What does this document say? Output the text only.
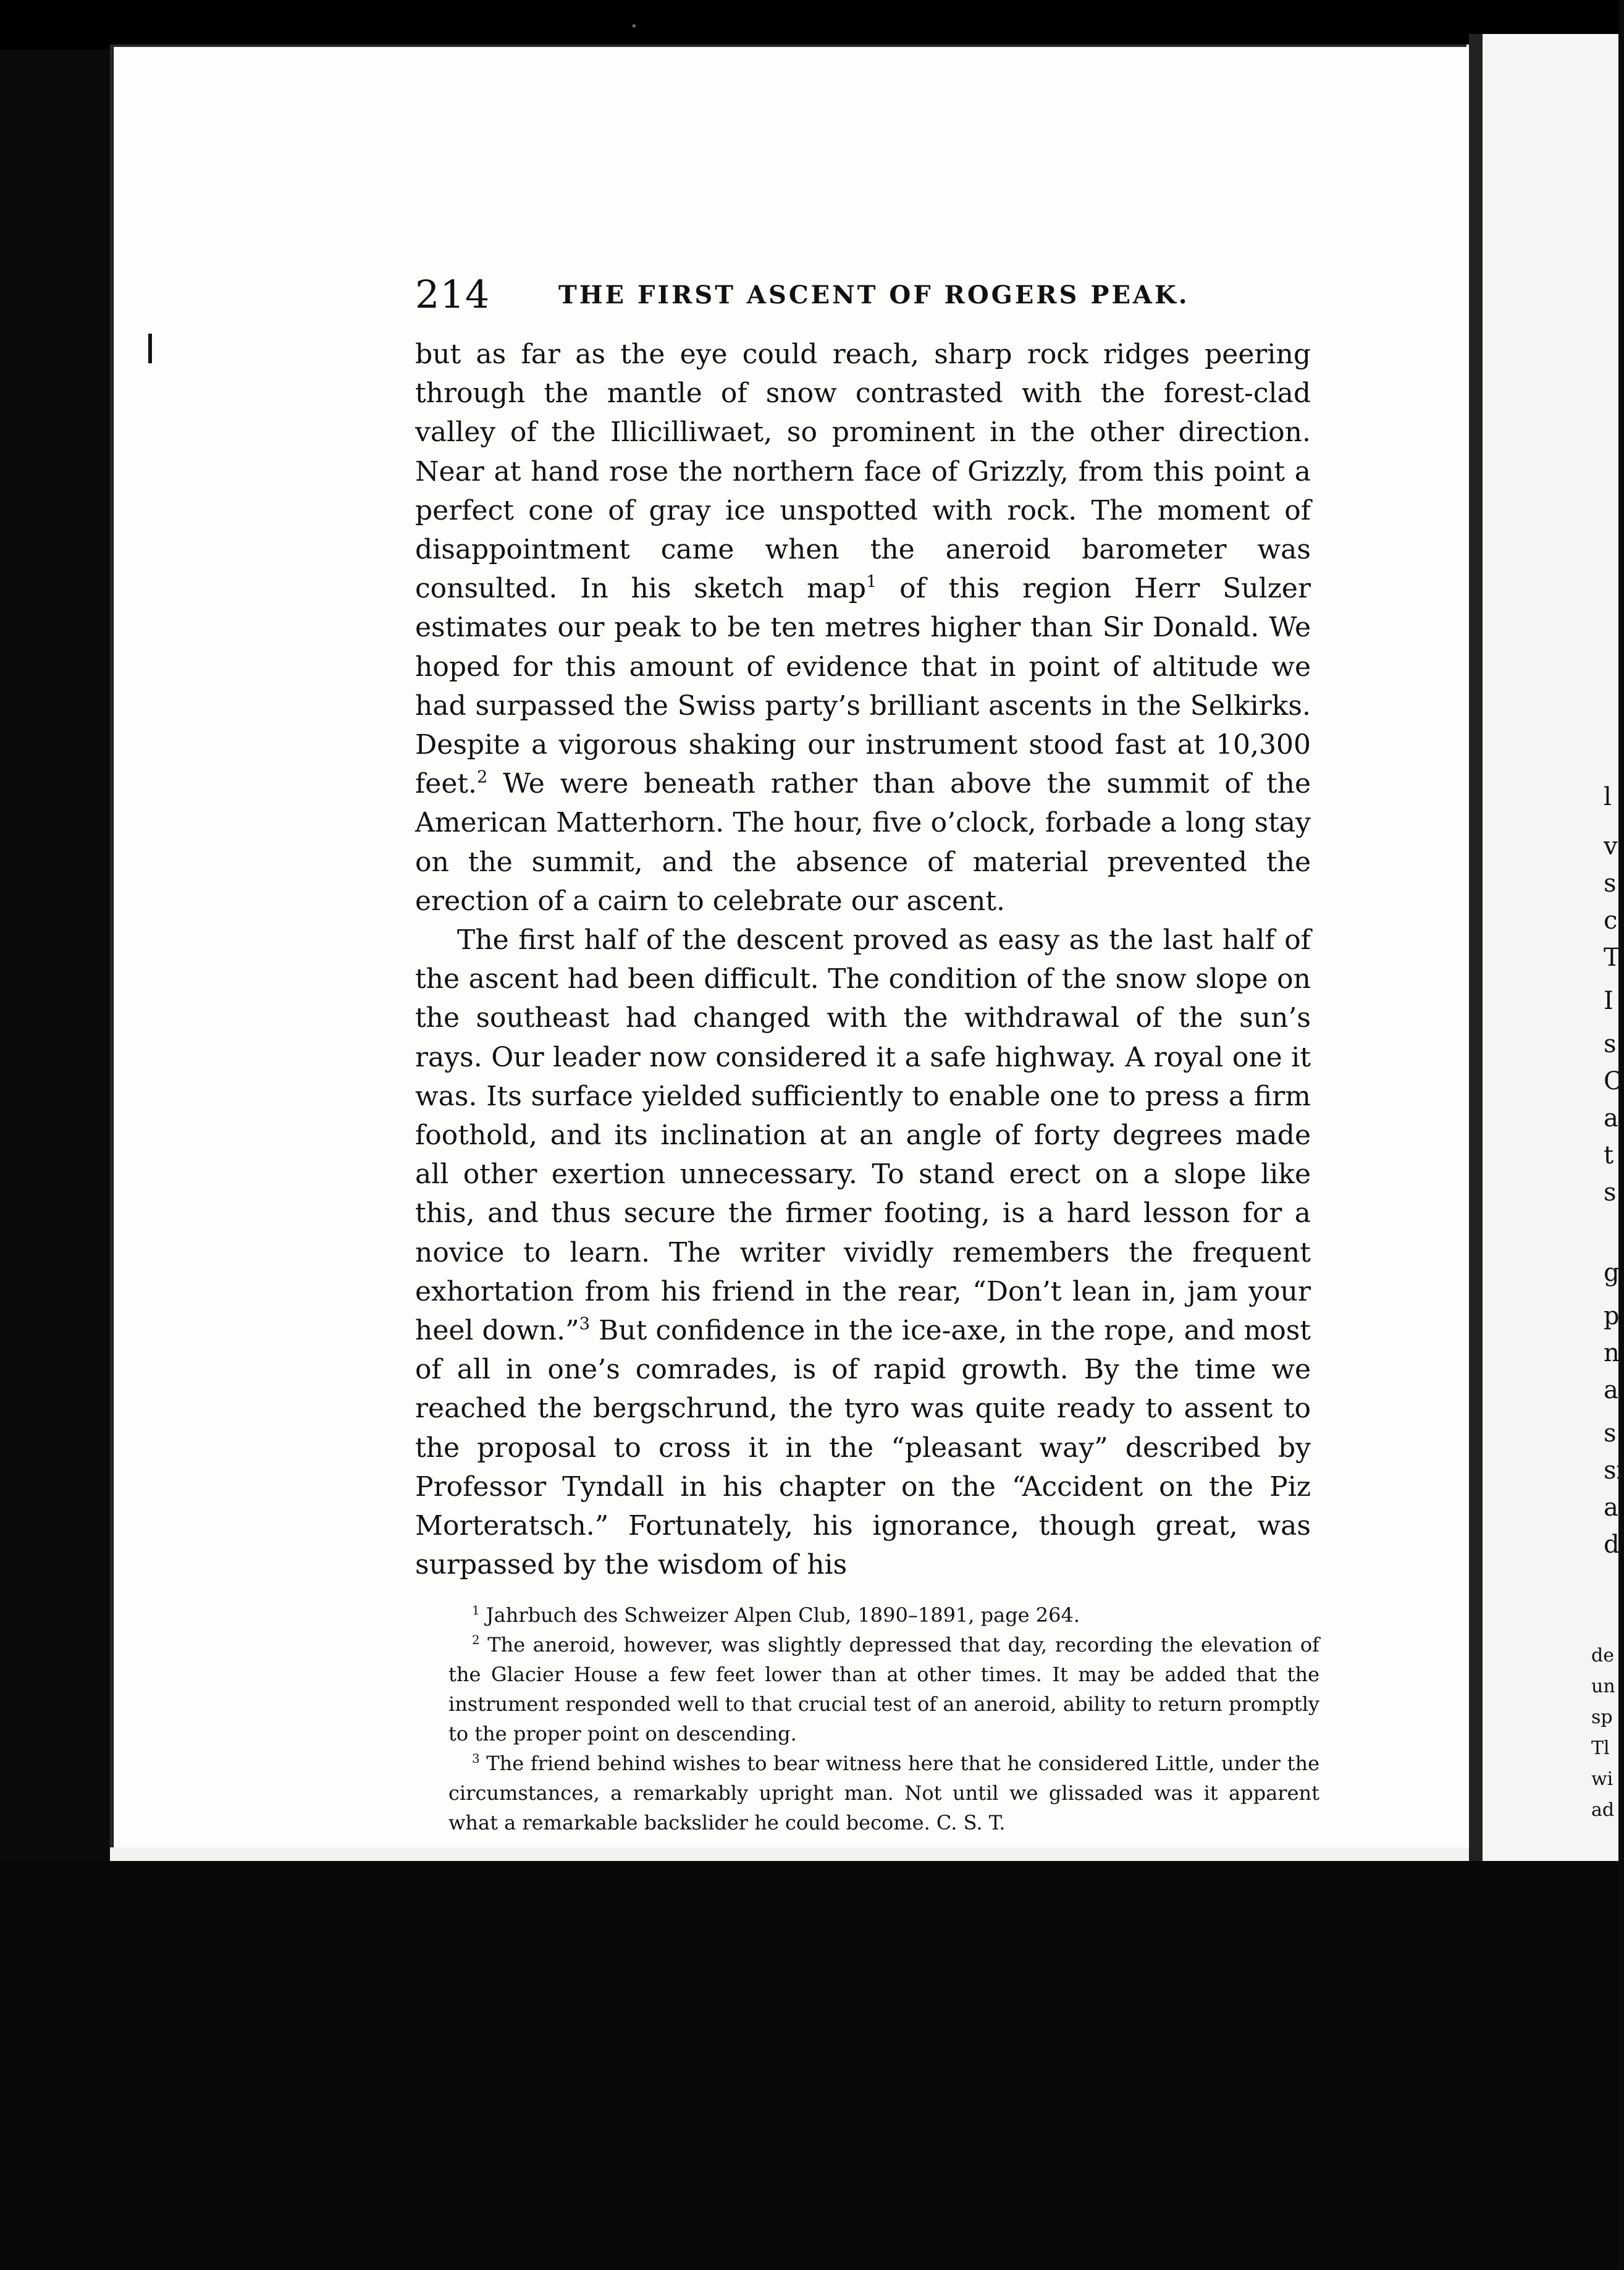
·
214	THE FIRST ASCENT OF ROGERS PEAK.

but as far as the eye could reach, sharp rock ridges peering through the mantle of snow contrasted with the forest-clad valley of the Illicilliwaet, so prominent in the other direction. Near at hand rose the northern face of Grizzly, from this point a perfect cone of gray ice unspotted with rock. The moment of disappointment came when the aneroid barometer was consulted. In his sketch map$^1$ of this region Herr Sulzer estimates our peak to be ten metres higher than Sir Donald. We hoped for this amount of evidence that in point of altitude we had surpassed the Swiss party’s brilliant ascents in the Selkirks. Despite a vigorous shaking our instrument stood fast at 10,300 feet.$^2$ We were beneath rather than above the summit of the American Matterhorn. The hour, five o’clock, forbade a long stay on the summit, and the absence of material prevented the erection of a cairn to celebrate our ascent.

The first half of the descent proved as easy as the last half of the ascent had been difficult. The condition of the snow slope on the southeast had changed with the withdrawal of the sun’s rays. Our leader now considered it a safe highway. A royal one it was. Its surface yielded sufficiently to enable one to press a firm foothold, and its inclination at an angle of forty degrees made all other exertion unnecessary. To stand erect on a slope like this, and thus secure the firmer footing, is a hard lesson for a novice to learn. The writer vividly remembers the frequent exhortation from his friend in the rear, “Don’t lean in, jam your heel down.”$^3$ But confidence in the ice-axe, in the rope, and most of all in one’s comrades, is of rapid growth. By the time we reached the bergschrund, the tyro was quite ready to assent to the proposal to cross it in the “pleasant way” described by Professor Tyndall in his chapter on the “Accident on the Piz Morteratsch.” Fortunately, his ignorance, though great, was surpassed by the wisdom of his

$^1$ Jahrbuch des Schweizer Alpen Club, 1890–1891, page 264.

$^2$ The aneroid, however, was slightly depressed that day, recording the elevation of the Glacier House a few feet lower than at other times. It may be added that the instrument responded well to that crucial test of an aneroid, ability to return promptly to the proper point on descending.

$^3$ The friend behind wishes to bear witness here that he considered Little, under the circumstances, a remarkably upright man. Not until we glissaded was it apparent what a remarkable backslider he could become. C. S. T.

l
v
s
c
T
I
s
C
a
t
s
g
p
n
a
s
si
a
d
de
un
sp
Tl
wi
ad
